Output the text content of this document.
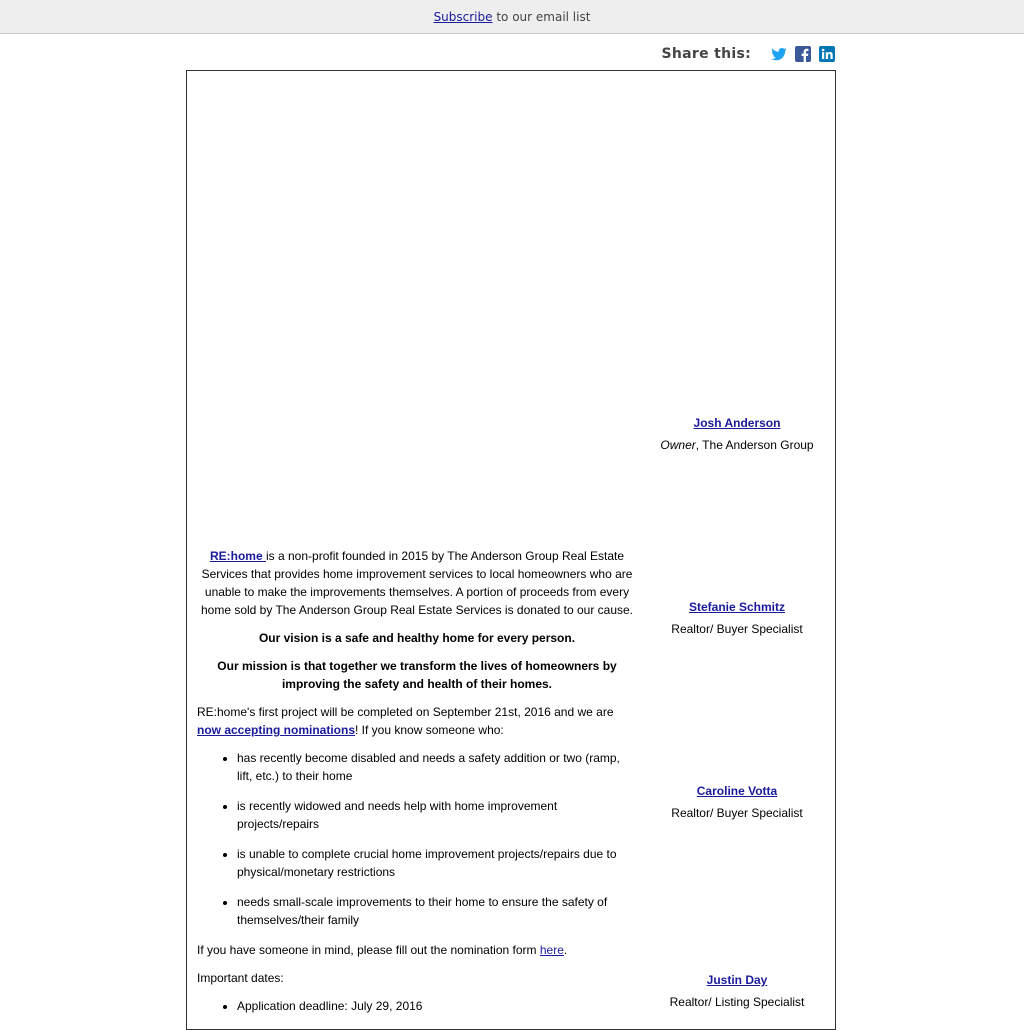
Subscribe to our email list
Share this:

RE:home is a non-profit founded in 2015 by The Anderson Group Real Estate Services that provides home improvement services to local homeowners who are unable to make the improvements themselves. A portion of proceeds from every home sold by The Anderson Group Real Estate Services is donated to our cause.

Our vision is a safe and healthy home for every person.

Our mission is that together we transform the lives of homeowners by improving the safety and health of their homes.

RE:home's first project will be completed on September 21st, 2016 and we are now accepting nominations! If you know someone who:

• has recently become disabled and needs a safety addition or two (ramp, lift, etc.) to their home
• is recently widowed and needs help with home improvement projects/repairs
• is unable to complete crucial home improvement projects/repairs due to physical/monetary restrictions
• needs small-scale improvements to their home to ensure the safety of themselves/their family

If you have someone in mind, please fill out the nomination form here.

Important dates:

• Application deadline: July 29, 2016
Josh Anderson
Owner, The Anderson Group
Stefanie Schmitz
Realtor/ Buyer Specialist
Caroline Votta
Realtor/ Buyer Specialist
Justin Day
Realtor/ Listing Specialist
